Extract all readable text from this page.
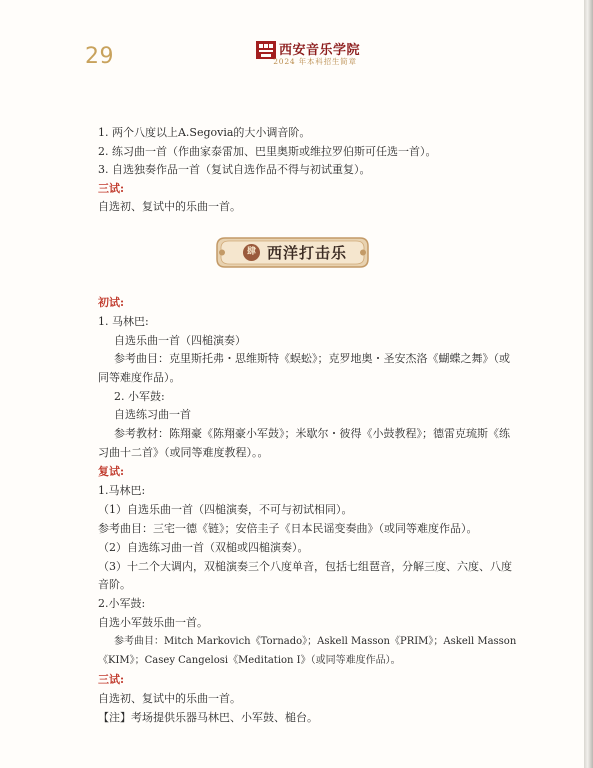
29	西安音乐学院
2024 年本科招生简章
1. 两个八度以上A.Segovia的大小调音阶。
2. 练习曲一首（作曲家泰雷加、巴里奥斯或维拉罗伯斯可任选一首）。
3. 自选独奏作品一首（复试自选作品不得与初试重复）。
三试:
自选初、复试中的乐曲一首。
肆 西洋打击乐
初试:
1. 马林巴:
自选乐曲一首（四槌演奏）
参考曲目：克里斯托弗・思维斯特《蜈蚣》；克罗地奥・圣安杰洛《蝴蝶之舞》（或
同等难度作品）。
2. 小军鼓:
自选练习曲一首
参考教材：陈翔豪《陈翔豪小军鼓》；米歇尔・彼得《小鼓教程》；德雷克琉斯《练
习曲十二首》（或同等难度教程）。。
复试:
1.马林巴:
（1）自选乐曲一首（四槌演奏，不可与初试相同）。
参考曲目：三宅一德《链》；安倍圭子《日本民谣变奏曲》（或同等难度作品）。
（2）自选练习曲一首（双槌或四槌演奏）。
（3）十二个大调内，双槌演奏三个八度单音，包括七组琶音，分解三度、六度、八度
音阶。
2.小军鼓:
自选小军鼓乐曲一首。
参考曲目：Mitch Markovich《Tornado》；Askell Masson《PRIM》；Askell Masson
《KIM》；Casey Cangelosi《Meditation I》（或同等难度作品）。
三试:
自选初、复试中的乐曲一首。
【注】考场提供乐器马林巴、小军鼓、槌台。
